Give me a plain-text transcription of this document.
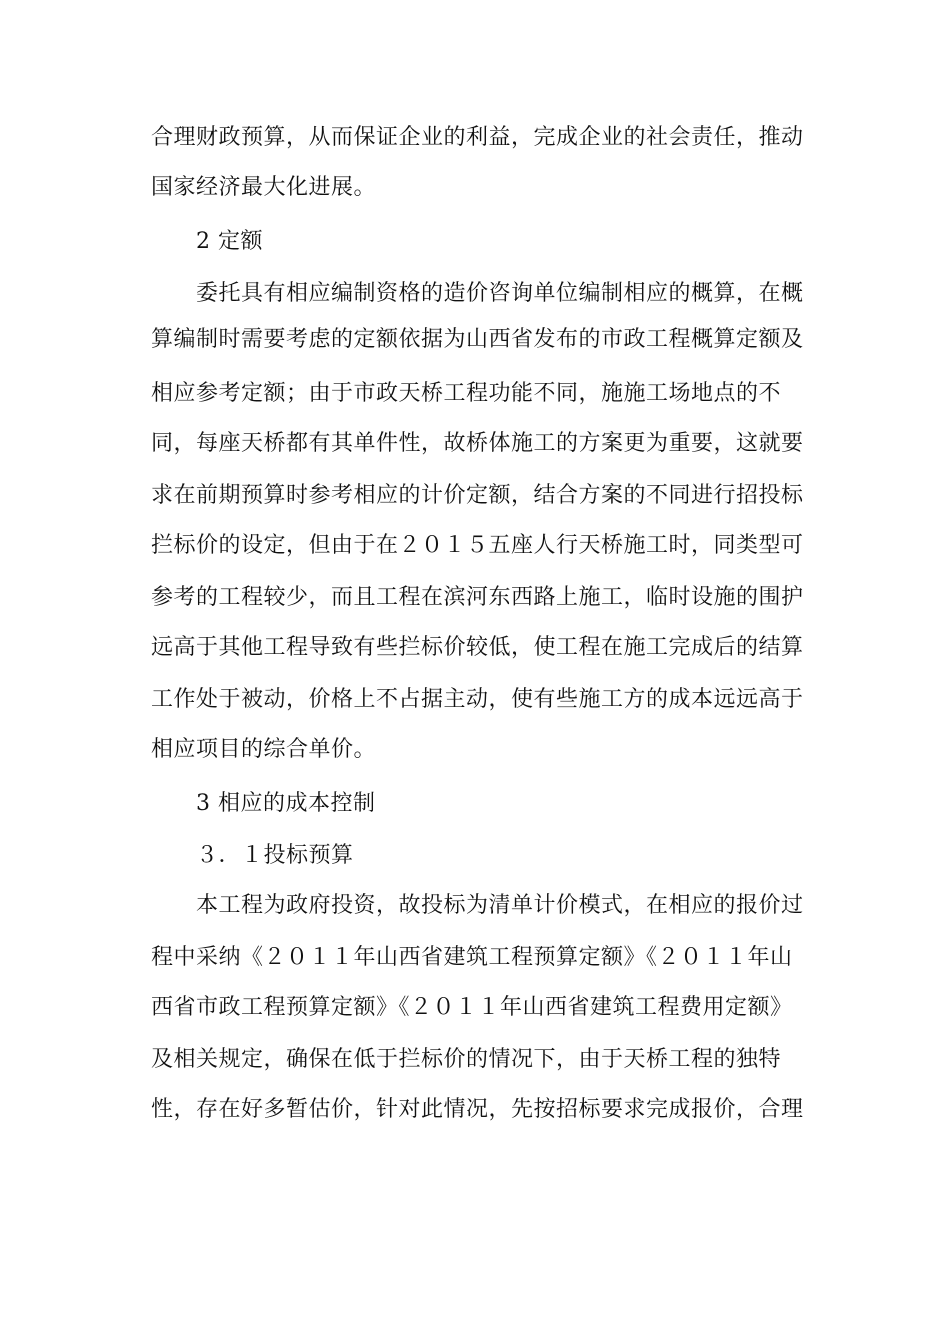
合理财政预算，从而保证企业的利益，完成企业的社会责任，推动
国家经济最大化进展。
2 定额
委托具有相应编制资格的造价咨询单位编制相应的概算，在概
算编制时需要考虑的定额依据为山西省发布的市政工程概算定额及
相应参考定额；由于市政天桥工程功能不同，施施工场地点的不
同，每座天桥都有其单件性，故桥体施工的方案更为重要，这就要
求在前期预算时参考相应的计价定额，结合方案的不同进行招投标
拦标价的设定，但由于在２０１５五座人行天桥施工时，同类型可
参考的工程较少，而且工程在滨河东西路上施工，临时设施的围护
远高于其他工程导致有些拦标价较低，使工程在施工完成后的结算
工作处于被动，价格上不占据主动，使有些施工方的成本远远高于
相应项目的综合单价。
3 相应的成本控制
３．１投标预算
本工程为政府投资，故投标为清单计价模式，在相应的报价过
程中采纳《２０１１年山西省建筑工程预算定额》《２０１１年山
西省市政工程预算定额》《２０１１年山西省建筑工程费用定额》
及相关规定，确保在低于拦标价的情况下，由于天桥工程的独特
性，存在好多暂估价，针对此情况，先按招标要求完成报价，合理
